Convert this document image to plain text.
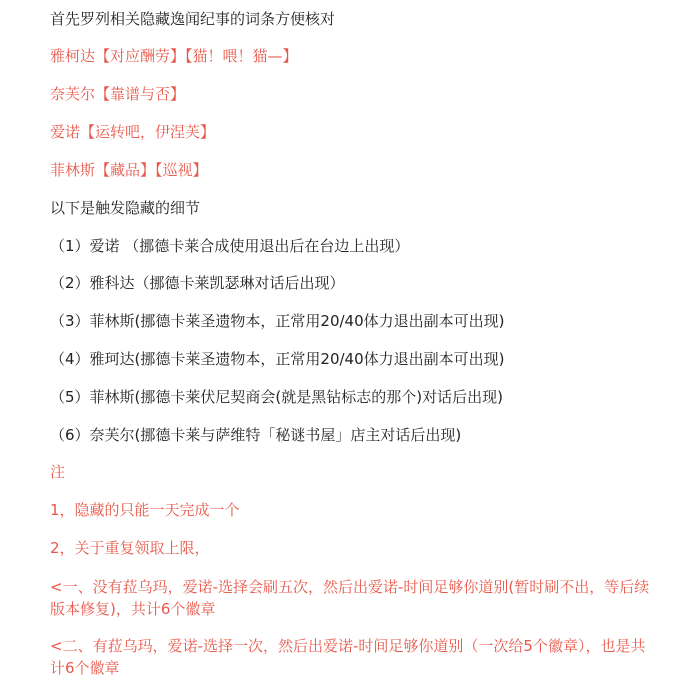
首先罗列相关隐藏逸闻纪事的词条方便核对
雅柯达【对应酬劳】【猫！喂！猫—】
奈芙尔【靠谱与否】
爱诺【运转吧，伊涅芙】
菲林斯【藏品】【巡视】
以下是触发隐藏的细节
（1）爱诺 （挪德卡莱合成使用退出后在台边上出现）
（2）雅科达（挪德卡莱凯瑟琳对话后出现）
（3）菲林斯(挪德卡莱圣遗物本，正常用20/40体力退出副本可出现)
（4）雅珂达(挪德卡莱圣遗物本，正常用20/40体力退出副本可出现)
（5）菲林斯(挪德卡莱伏尼契商会(就是黑钻标志的那个)对话后出现)
（6）奈芙尔(挪德卡莱与萨维特「秘谜书屋」店主对话后出现)
注
1，隐藏的只能一天完成一个
2，关于重复领取上限，
<一、没有菈乌玛，爱诺-选择会刷五次，然后出爱诺-时间足够你道别(暂时刷不出，等后续版本修复)，共计6个徽章
<二、有菈乌玛，爱诺-选择一次，然后出爱诺-时间足够你道别（一次给5个徽章），也是共计6个徽章
